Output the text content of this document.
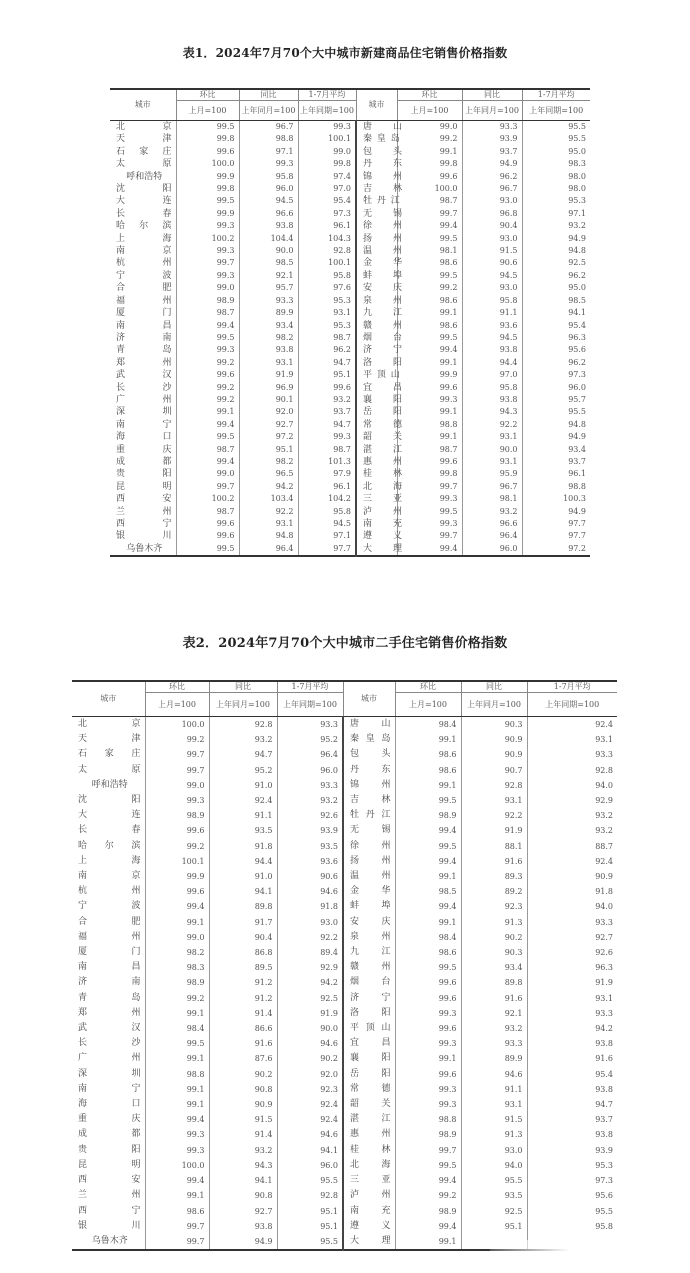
表1．2024年7月70个大中城市新建商品住宅销售价格指数
城市	环比	同比	1-7月平均	城市	环比	同比	1-7月平均
	上月=100	上年同月=100	上年同期=100		上月=100	上年同月=100	上年同期=100
北　　京	99.5	96.7	99.3	唐　　山	99.0	93.3	95.5
天　　津	99.8	98.8	100.1	秦 皇 岛	99.2	93.9	95.5
石 家 庄	99.6	97.1	99.0	包　　头	99.1	93.7	95.0
太　　原	100.0	99.3	99.8	丹　　东	99.8	94.9	98.3
呼和浩特	99.9	95.8	97.4	锦　　州	99.6	96.2	98.0
沈　　阳	99.8	96.0	97.0	吉　　林	100.0	96.7	98.0
大　　连	99.5	94.5	95.4	牡 丹 江	98.7	93.0	95.3
长　　春	99.9	96.6	97.3	无　　锡	99.7	96.8	97.1
哈 尔 滨	99.3	93.8	96.1	徐　　州	99.4	90.4	93.2
上　　海	100.2	104.4	104.3	扬　　州	99.5	93.0	94.9
南　　京	99.3	90.0	92.8	温　　州	98.1	91.5	94.8
杭　　州	99.7	98.5	100.1	金　　华	98.6	90.6	92.5
宁　　波	99.3	92.1	95.8	蚌　　埠	99.5	94.5	96.2
合　　肥	99.0	95.7	97.6	安　　庆	99.2	93.0	95.0
福　　州	98.9	93.3	95.3	泉　　州	98.6	95.8	98.5
厦　　门	98.7	89.9	93.1	九　　江	99.1	91.1	94.1
南　　昌	99.4	93.4	95.3	赣　　州	98.6	93.6	95.4
济　　南	99.5	98.2	98.7	烟　　台	99.5	94.5	96.3
青　　岛	99.3	93.8	96.2	济　　宁	99.4	93.8	95.6
郑　　州	99.2	93.1	94.7	洛　　阳	99.1	94.4	96.2
武　　汉	99.6	91.9	95.1	平 顶 山	99.9	97.0	97.3
长　　沙	99.2	96.9	99.6	宜　　昌	99.6	95.8	96.0
广　　州	99.2	90.1	93.2	襄　　阳	99.3	93.8	95.7
深　　圳	99.1	92.0	93.7	岳　　阳	99.1	94.3	95.5
南　　宁	99.4	92.7	94.7	常　　德	98.8	92.2	94.8
海　　口	99.5	97.2	99.3	韶　　关	99.1	93.1	94.9
重　　庆	98.7	95.1	98.7	湛　　江	98.7	90.0	93.4
成　　都	99.4	98.2	101.3	惠　　州	99.6	93.1	93.7
贵　　阳	99.0	96.5	97.9	桂　　林	99.8	95.9	96.1
昆　　明	99.7	94.2	96.1	北　　海	99.7	96.7	98.8
西　　安	100.2	103.4	104.2	三　　亚	99.3	98.1	100.3
兰　　州	98.7	92.2	95.8	泸　　州	99.5	93.2	94.9
西　　宁	99.6	93.1	94.5	南　　充	99.3	96.6	97.7
银　　川	99.6	94.8	97.1	遵　　义	99.7	96.4	97.7
乌鲁木齐	99.5	96.4	97.7	大　　理	99.4	96.0	97.2
表2．2024年7月70个大中城市二手住宅销售价格指数
城市	环比	同比	1-7月平均	城市	环比	同比	1-7月平均
	上月=100	上年同月=100	上年同期=100		上月=100	上年同月=100	上年同期=100
北　　京	100.0	92.8	93.3	唐　　山	98.4	90.3	92.4
天　　津	99.2	93.2	95.2	秦 皇 岛	99.1	90.9	93.1
石 家 庄	99.7	94.7	96.4	包　　头	98.6	90.9	93.3
太　　原	99.7	95.2	96.0	丹　　东	98.6	90.7	92.8
呼和浩特	99.0	91.0	93.3	锦　　州	99.1	92.8	94.0
沈　　阳	99.3	92.4	93.2	吉　　林	99.5	93.1	92.9
大　　连	98.9	91.1	92.6	牡 丹 江	98.9	92.2	93.2
长　　春	99.6	93.5	93.9	无　　锡	99.4	91.9	93.2
哈 尔 滨	99.2	91.8	93.5	徐　　州	99.5	88.1	88.7
上　　海	100.1	94.4	93.6	扬　　州	99.4	91.6	92.4
南　　京	99.9	91.0	90.6	温　　州	99.1	89.3	90.9
杭　　州	99.6	94.1	94.6	金　　华	98.5	89.2	91.8
宁　　波	99.4	89.8	91.8	蚌　　埠	99.4	92.3	94.0
合　　肥	99.1	91.7	93.0	安　　庆	99.1	91.3	93.3
福　　州	99.0	90.4	92.2	泉　　州	98.4	90.2	92.7
厦　　门	98.2	86.8	89.4	九　　江	98.6	90.3	92.6
南　　昌	98.3	89.5	92.9	赣　　州	99.5	93.4	96.3
济　　南	98.9	91.2	94.2	烟　　台	99.6	89.8	91.9
青　　岛	99.2	91.2	92.5	济　　宁	99.6	91.6	93.1
郑　　州	99.1	91.4	91.9	洛　　阳	99.3	92.1	93.3
武　　汉	98.4	86.6	90.0	平 顶 山	99.6	93.2	94.2
长　　沙	99.5	91.6	94.6	宜　　昌	99.3	93.3	93.8
广　　州	99.1	87.6	90.2	襄　　阳	99.1	89.9	91.6
深　　圳	98.8	90.2	92.0	岳　　阳	99.6	94.6	95.4
南　　宁	99.1	90.8	92.3	常　　德	99.3	91.1	93.8
海　　口	99.1	90.9	92.4	韶　　关	99.3	93.1	94.7
重　　庆	99.4	91.5	92.4	湛　　江	98.8	91.5	93.7
成　　都	99.3	91.4	94.6	惠　　州	98.9	91.3	93.8
贵　　阳	99.3	93.2	94.1	桂　　林	99.7	93.0	93.9
昆　　明	100.0	94.3	96.0	北　　海	99.5	94.0	95.3
西　　安	99.4	94.1	95.5	三　　亚	99.4	95.5	97.3
兰　　州	99.1	90.8	92.8	泸　　州	99.2	93.5	95.6
西　　宁	98.6	92.7	95.1	南　　充	98.9	92.5	95.5
银　　川	99.7	93.8	95.1	遵　　义	99.4	95.1	95.8
乌鲁木齐	99.7	94.9	95.5	大　　理	99.1		
